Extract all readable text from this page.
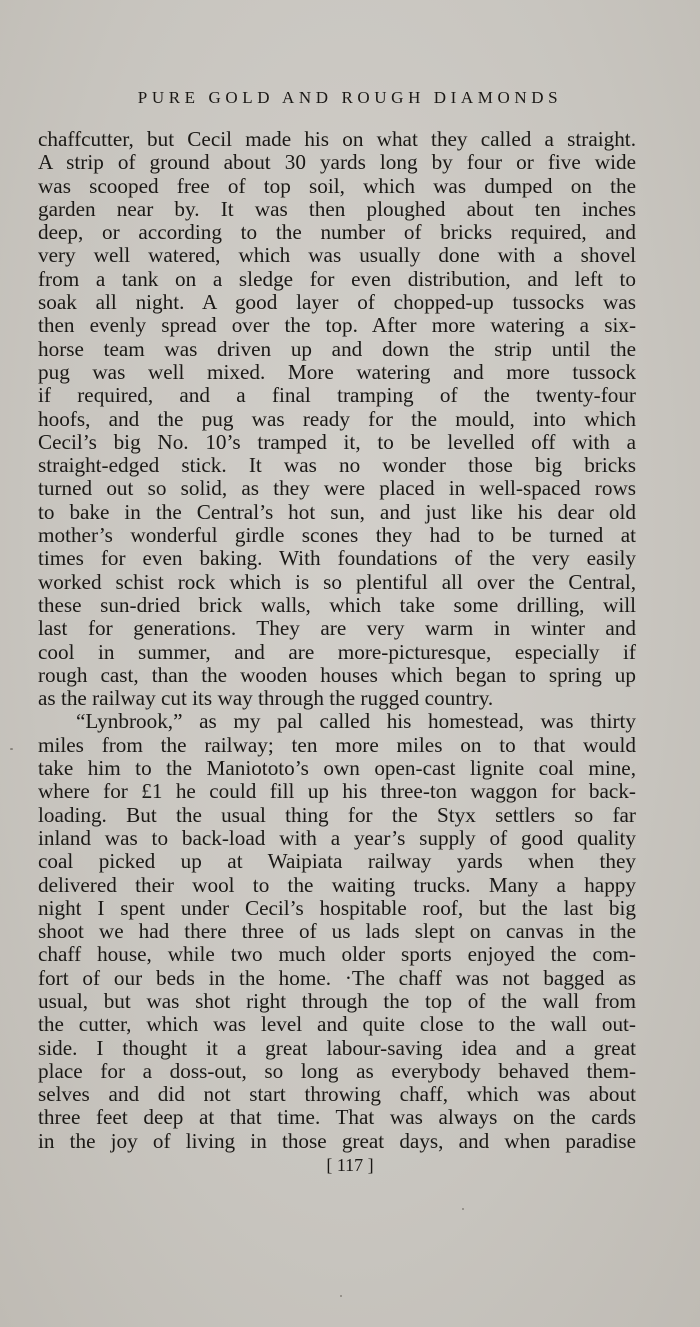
PURE GOLD AND ROUGH DIAMONDS
chaffcutter, but Cecil made his on what they called a straight.
A strip of ground about 30 yards long by four or five wide
was scooped free of top soil, which was dumped on the
garden near by. It was then ploughed about ten inches
deep, or according to the number of bricks required, and
very well watered, which was usually done with a shovel
from a tank on a sledge for even distribution, and left to
soak all night. A good layer of chopped-up tussocks was
then evenly spread over the top. After more watering a six-
horse team was driven up and down the strip until the
pug was well mixed. More watering and more tussock
if required, and a final tramping of the twenty-four
hoofs, and the pug was ready for the mould, into which
Cecil’s big No. 10’s tramped it, to be levelled off with a
straight-edged stick. It was no wonder those big bricks
turned out so solid, as they were placed in well-spaced rows
to bake in the Central’s hot sun, and just like his dear old
mother’s wonderful girdle scones they had to be turned at
times for even baking. With foundations of the very easily
worked schist rock which is so plentiful all over the Central,
these sun-dried brick walls, which take some drilling, will
last for generations. They are very warm in winter and
cool in summer, and are more-picturesque, especially if
rough cast, than the wooden houses which began to spring up
as the railway cut its way through the rugged country.
“Lynbrook,” as my pal called his homestead, was thirty
miles from the railway; ten more miles on to that would
take him to the Maniototo’s own open-cast lignite coal mine,
where for £1 he could fill up his three-ton waggon for back-
loading. But the usual thing for the Styx settlers so far
inland was to back-load with a year’s supply of good quality
coal picked up at Waipiata railway yards when they
delivered their wool to the waiting trucks. Many a happy
night I spent under Cecil’s hospitable roof, but the last big
shoot we had there three of us lads slept on canvas in the
chaff house, while two much older sports enjoyed the com-
fort of our beds in the home. ·The chaff was not bagged as
usual, but was shot right through the top of the wall from
the cutter, which was level and quite close to the wall out-
side. I thought it a great labour-saving idea and a great
place for a doss-out, so long as everybody behaved them-
selves and did not start throwing chaff, which was about
three feet deep at that time. That was always on the cards
in the joy of living in those great days, and when paradise
[ 117 ]
